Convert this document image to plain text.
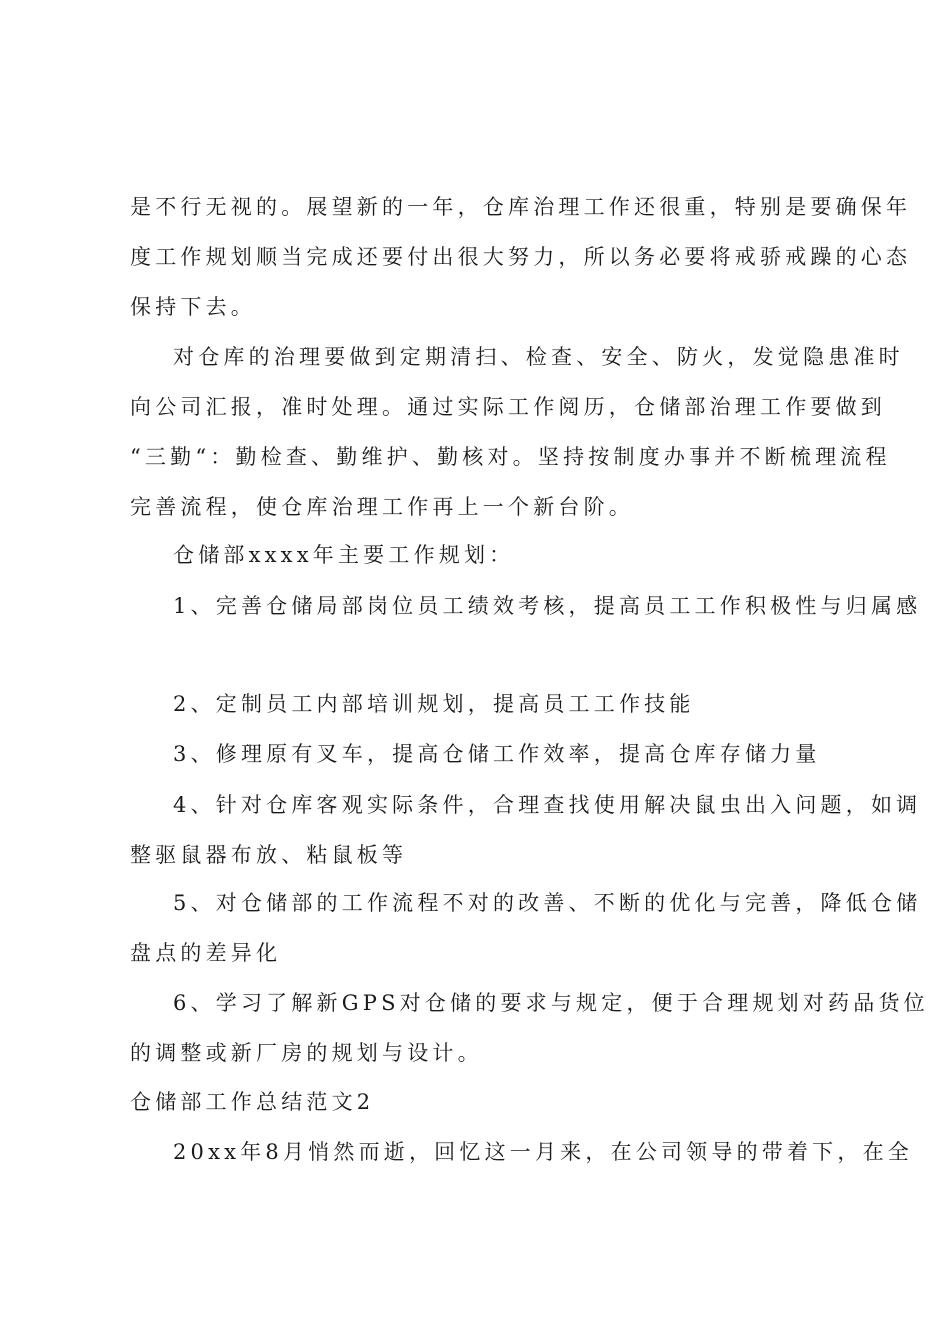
是不行无视的。展望新的一年，仓库治理工作还很重，特别是要确保年
度工作规划顺当完成还要付出很大努力，所以务必要将戒骄戒躁的心态
保持下去。
对仓库的治理要做到定期清扫、检查、安全、防火，发觉隐患准时
向公司汇报，准时处理。通过实际工作阅历，仓储部治理工作要做到
“三勤“：勤检查、勤维护、勤核对。坚持按制度办事并不断梳理流程
完善流程，使仓库治理工作再上一个新台阶。
仓储部xxxx年主要工作规划：
1、完善仓储局部岗位员工绩效考核，提高员工工作积极性与归属感
2、定制员工内部培训规划，提高员工工作技能
3、修理原有叉车，提高仓储工作效率，提高仓库存储力量
4、针对仓库客观实际条件，合理查找使用解决鼠虫出入问题，如调
整驱鼠器布放、粘鼠板等
5、对仓储部的工作流程不对的改善、不断的优化与完善，降低仓储
盘点的差异化
6、学习了解新GPS对仓储的要求与规定，便于合理规划对药品货位
的调整或新厂房的规划与设计。
仓储部工作总结范文2
20xx年8月悄然而逝，回忆这一月来，在公司领导的带着下，在全
